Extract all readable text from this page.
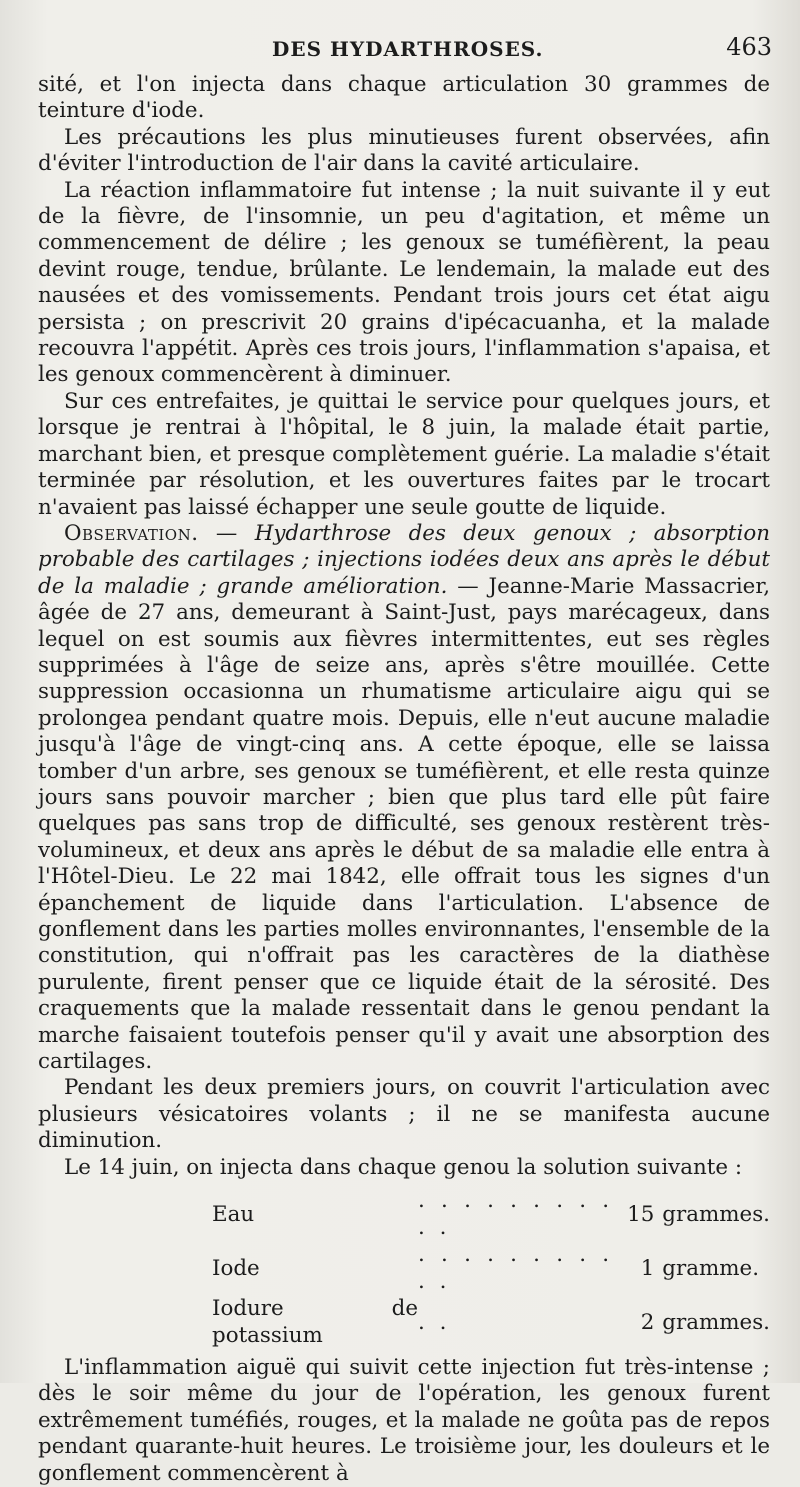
DES HYDARTHROSES.	463

sité, et l'on injecta dans chaque articulation 30 grammes de teinture d'iode.

Les précautions les plus minutieuses furent observées, afin d'éviter l'introduction de l'air dans la cavité articulaire.

La réaction inflammatoire fut intense ; la nuit suivante il y eut de la fièvre, de l'insomnie, un peu d'agitation, et même un commencement de délire ; les genoux se tuméfièrent, la peau devint rouge, tendue, brûlante. Le lendemain, la malade eut des nausées et des vomissements. Pendant trois jours cet état aigu persista ; on prescrivit 20 grains d'ipécacuanha, et la malade recouvra l'appétit. Après ces trois jours, l'inflammation s'apaisa, et les genoux commencèrent à diminuer.

Sur ces entrefaites, je quittai le service pour quelques jours, et lorsque je rentrai à l'hôpital, le 8 juin, la malade était partie, marchant bien, et presque complètement guérie. La maladie s'était terminée par résolution, et les ouvertures faites par le trocart n'avaient pas laissé échapper une seule goutte de liquide.

Observation. — Hydarthrose des deux genoux ; absorption probable des cartilages ; injections iodées deux ans après le début de la maladie ; grande amélioration. — Jeanne-Marie Massacrier, âgée de 27 ans, demeurant à Saint-Just, pays marécageux, dans lequel on est soumis aux fièvres intermittentes, eut ses règles supprimées à l'âge de seize ans, après s'être mouillée. Cette suppression occasionna un rhumatisme articulaire aigu qui se prolongea pendant quatre mois. Depuis, elle n'eut aucune maladie jusqu'à l'âge de vingt-cinq ans. A cette époque, elle se laissa tomber d'un arbre, ses genoux se tuméfièrent, et elle resta quinze jours sans pouvoir marcher ; bien que plus tard elle pût faire quelques pas sans trop de difficulté, ses genoux restèrent très-volumineux, et deux ans après le début de sa maladie elle entra à l'Hôtel-Dieu. Le 22 mai 1842, elle offrait tous les signes d'un épanchement de liquide dans l'articulation. L'absence de gonflement dans les parties molles environnantes, l'ensemble de la constitution, qui n'offrait pas les caractères de la diathèse purulente, firent penser que ce liquide était de la sérosité. Des craquements que la malade ressentait dans le genou pendant la marche faisaient toutefois penser qu'il y avait une absorption des cartilages.

Pendant les deux premiers jours, on couvrit l'articulation avec plusieurs vésicatoires volants ; il ne se manifesta aucune diminution.

Le 14 juin, on injecta dans chaque genou la solution suivante :

Eau	. . . . . . . . . . .	15	grammes.
Iode	. . . . . . . . . . .	1	gramme.
Iodure de potassium	. .	2	grammes.

L'inflammation aiguë qui suivit cette injection fut très-intense ; dès le soir même du jour de l'opération, les genoux furent extrêmement tuméfiés, rouges, et la malade ne goûta pas de repos pendant quarante-huit heures. Le troisième jour, les douleurs et le gonflement commencèrent à
